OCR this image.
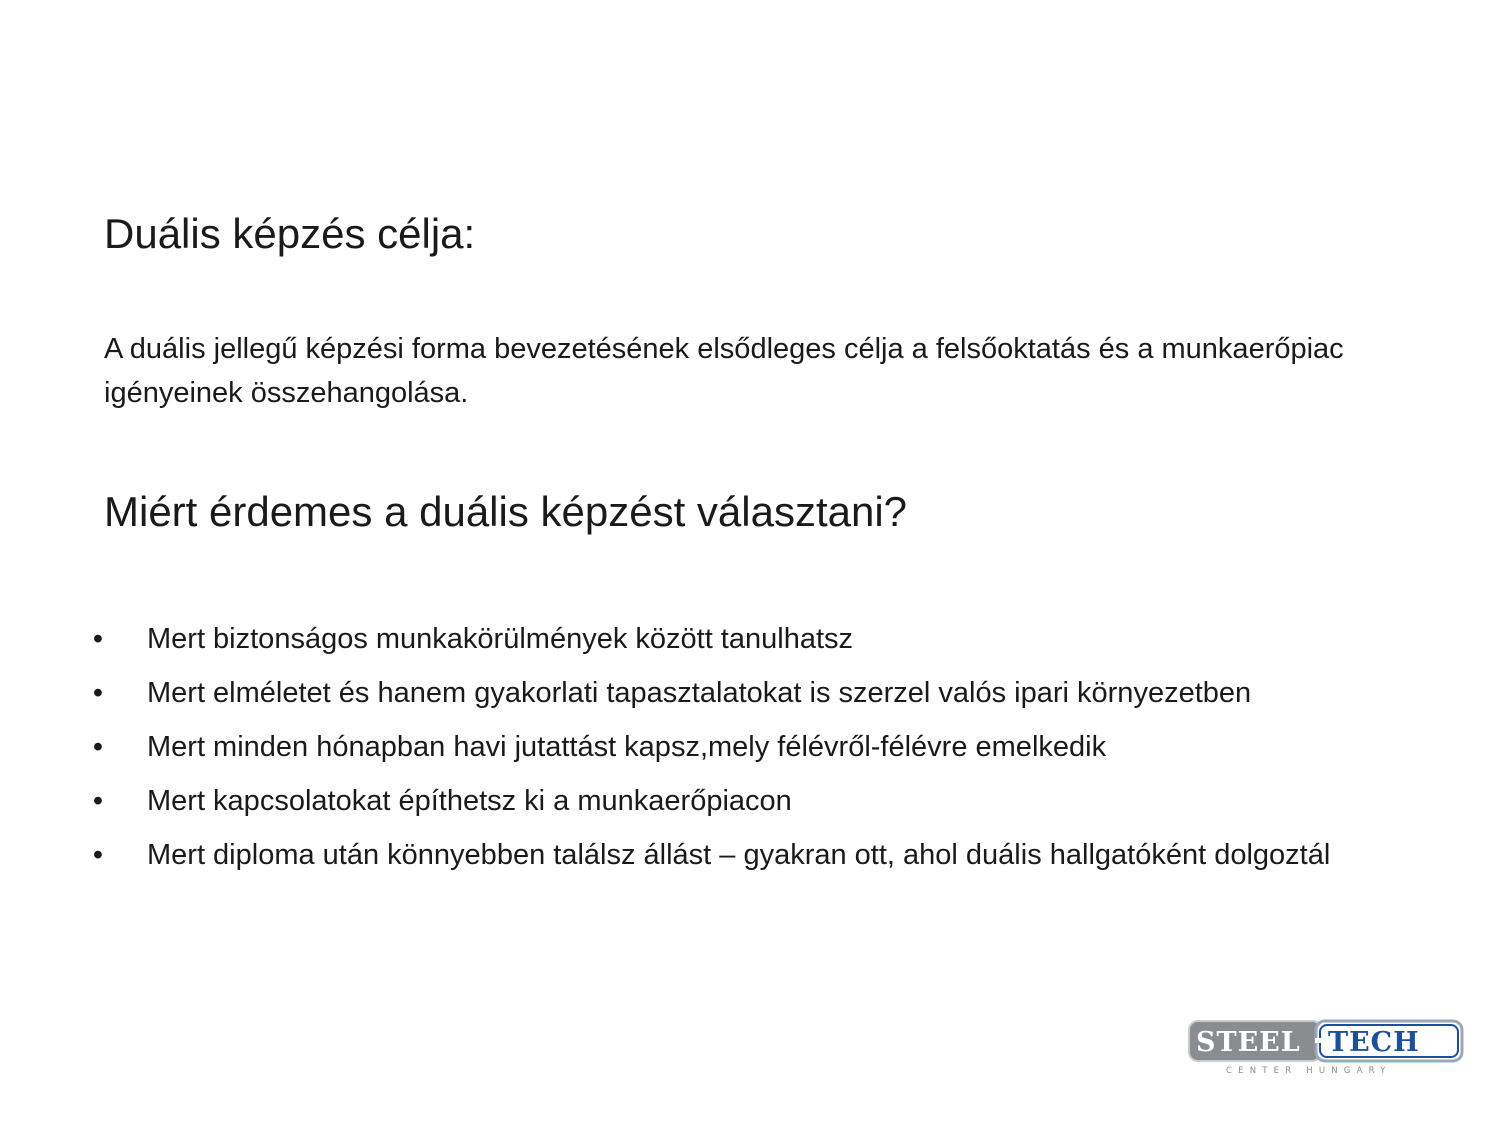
Duális képzés célja:

A duális jellegű képzési forma bevezetésének elsődleges célja a felsőoktatás és a munkaerőpiac igényeinek összehangolása.

Miért érdemes a duális képzést választani?
• Mert biztonságos munkakörülmények között tanulhatsz
• Mert elméletet és hanem gyakorlati tapasztalatokat is szerzel valós ipari környezetben
• Mert minden hónapban havi jutattást kapsz,mely félévről-félévre emelkedik
• Mert kapcsolatokat építhetsz ki a munkaerőpiacon
• Mert diploma után könnyebben találsz állást – gyakran ott, ahol duális hallgatóként dolgoztál
STEEL TECH
CENTER HUNGARY
